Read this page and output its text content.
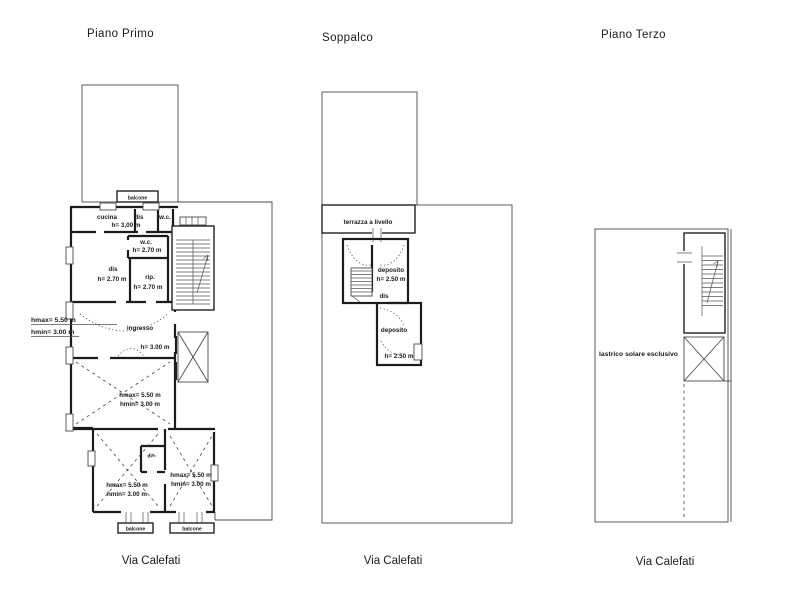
Piano Primo
balcone
balcone	balcone
hmax= 5.50 m
hmin= 3.00 m
cucina	dis
h= 3,00 m
w.c.
w.c.
h= 2.70 m
dis
h= 2.70 m	rip.
h= 2.70 m
ingresso
h= 3.00 m
hmax= 5.50 m
hmin= 3.00 m
dis.
hmax= 5.50 m
hmin= 3.00 m
hmax= 5.50 m
hmin= 3.00 m
Via Calefati
Soppalco
terrazza a livello
deposito
h= 2.50 m
dis
deposito
h= 2.50 m
Via Calefati
Piano Terzo
lastrico solare esclusivo
Via Calefati
